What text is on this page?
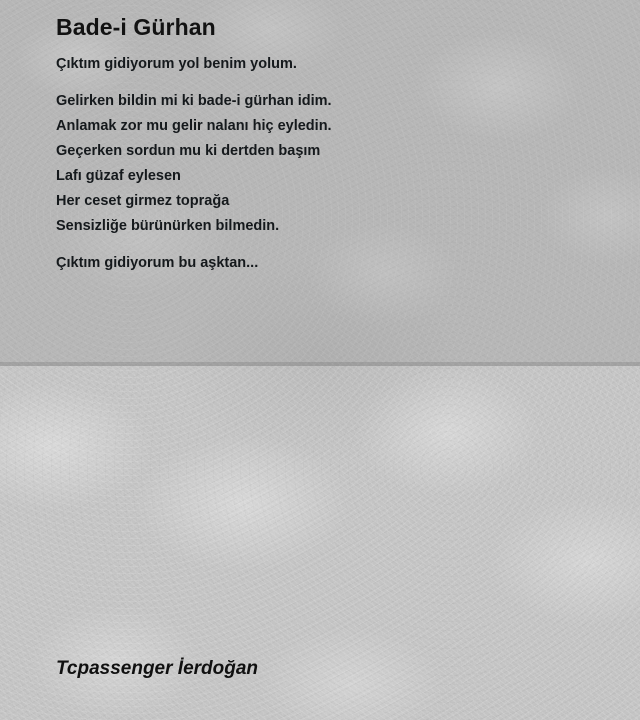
Bade-i Gürhan
Çıktım gidiyorum yol benim yolum.
Gelirken bildin mi ki bade-i gürhan idim.
Anlamak zor mu gelir nalanı hiç eyledin.
Geçerken sordun mu ki dertden başım
Lafı güzaf eylesen
Her ceset girmez toprağa
Sensizliğe bürünürken bilmedin.
Çıktım gidiyorum bu aşktan...
Tcpassenger İerdoğan
